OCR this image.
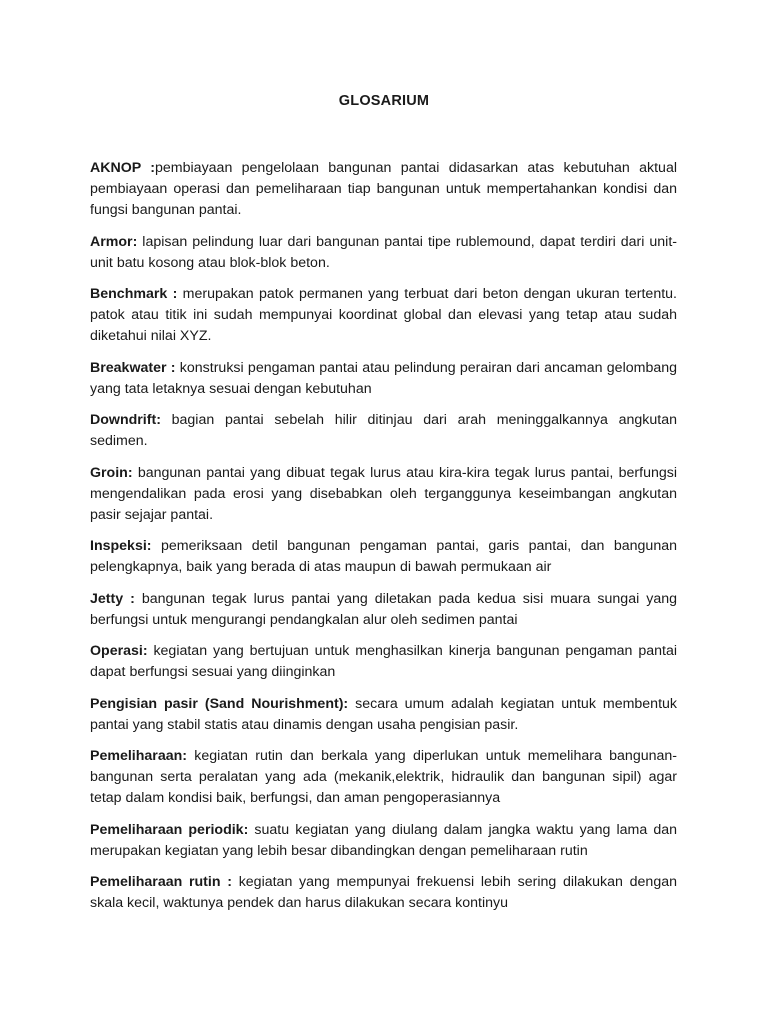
GLOSARIUM

AKNOP :pembiayaan pengelolaan bangunan pantai didasarkan atas kebutuhan aktual pembiayaan operasi dan pemeliharaan tiap bangunan untuk mempertahankan kondisi dan fungsi bangunan pantai.

Armor: lapisan pelindung luar dari bangunan pantai tipe rublemound, dapat terdiri dari unit-unit batu kosong atau blok-blok beton.

Benchmark : merupakan patok permanen yang terbuat dari beton dengan ukuran tertentu. patok atau titik ini sudah mempunyai koordinat global dan elevasi yang tetap atau sudah diketahui nilai XYZ.

Breakwater : konstruksi pengaman pantai atau pelindung perairan dari ancaman gelombang yang tata letaknya sesuai dengan kebutuhan

Downdrift: bagian pantai sebelah hilir ditinjau dari arah meninggalkannya angkutan sedimen.

Groin: bangunan pantai yang dibuat tegak lurus atau kira-kira tegak lurus pantai, berfungsi mengendalikan pada erosi yang disebabkan oleh terganggunya keseimbangan angkutan pasir sejajar pantai.

Inspeksi: pemeriksaan detil bangunan pengaman pantai, garis pantai, dan bangunan pelengkapnya, baik yang berada di atas maupun di bawah permukaan air

Jetty : bangunan tegak lurus pantai yang diletakan pada kedua sisi muara sungai yang berfungsi untuk mengurangi pendangkalan alur oleh sedimen pantai

Operasi: kegiatan yang bertujuan untuk menghasilkan kinerja bangunan pengaman pantai dapat berfungsi sesuai yang diinginkan

Pengisian pasir (Sand Nourishment): secara umum adalah kegiatan untuk membentuk pantai yang stabil statis atau dinamis dengan usaha pengisian pasir.

Pemeliharaan: kegiatan rutin dan berkala yang diperlukan untuk memelihara bangunan-bangunan serta peralatan yang ada (mekanik,elektrik, hidraulik dan bangunan sipil) agar tetap dalam kondisi baik, berfungsi, dan aman pengoperasiannya

Pemeliharaan periodik: suatu kegiatan yang diulang dalam jangka waktu yang lama dan merupakan kegiatan yang lebih besar dibandingkan dengan pemeliharaan rutin

Pemeliharaan rutin : kegiatan yang mempunyai frekuensi lebih sering dilakukan dengan skala kecil, waktunya pendek dan harus dilakukan secara kontinyu
